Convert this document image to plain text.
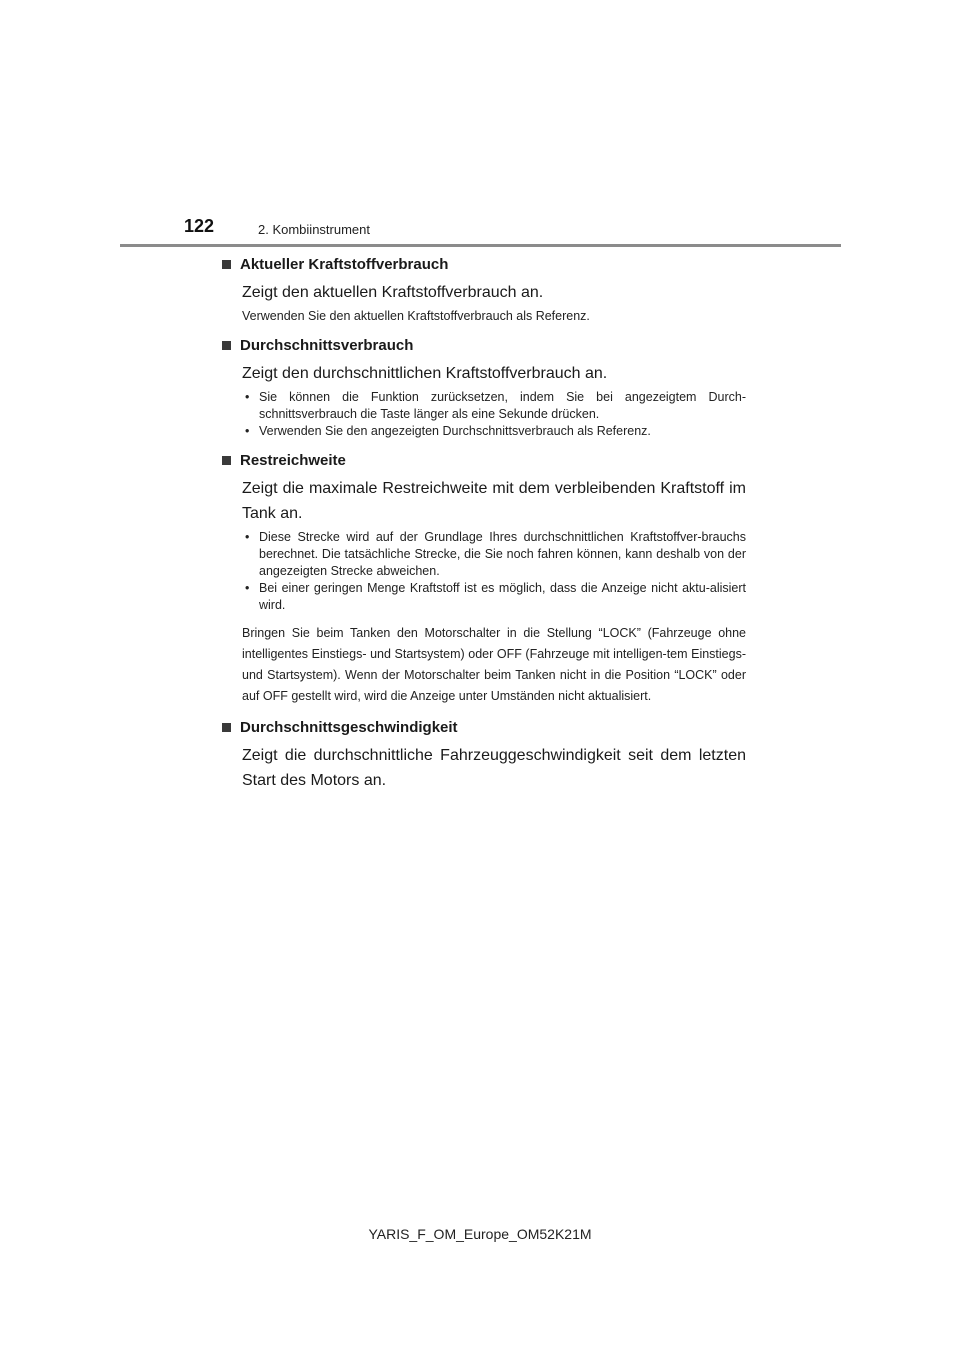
122	2. Kombiinstrument
Aktueller Kraftstoffverbrauch
Zeigt den aktuellen Kraftstoffverbrauch an.
Verwenden Sie den aktuellen Kraftstoffverbrauch als Referenz.
Durchschnittsverbrauch
Zeigt den durchschnittlichen Kraftstoffverbrauch an.
• Sie können die Funktion zurücksetzen, indem Sie bei angezeigtem Durch-schnittsverbrauch die Taste länger als eine Sekunde drücken.
• Verwenden Sie den angezeigten Durchschnittsverbrauch als Referenz.
Restreichweite
Zeigt die maximale Restreichweite mit dem verbleibenden Kraftstoff im Tank an.
• Diese Strecke wird auf der Grundlage Ihres durchschnittlichen Kraftstoffver-brauchs berechnet. Die tatsächliche Strecke, die Sie noch fahren können, kann deshalb von der angezeigten Strecke abweichen.
• Bei einer geringen Menge Kraftstoff ist es möglich, dass die Anzeige nicht aktu-alisiert wird.
Bringen Sie beim Tanken den Motorschalter in die Stellung “LOCK” (Fahrzeuge ohne intelligentes Einstiegs- und Startsystem) oder OFF (Fahrzeuge mit intelligen-tem Einstiegs- und Startsystem). Wenn der Motorschalter beim Tanken nicht in die Position “LOCK” oder auf OFF gestellt wird, wird die Anzeige unter Umständen nicht aktualisiert.
Durchschnittsgeschwindigkeit
Zeigt die durchschnittliche Fahrzeuggeschwindigkeit seit dem letzten Start des Motors an.
YARIS_F_OM_Europe_OM52K21M
